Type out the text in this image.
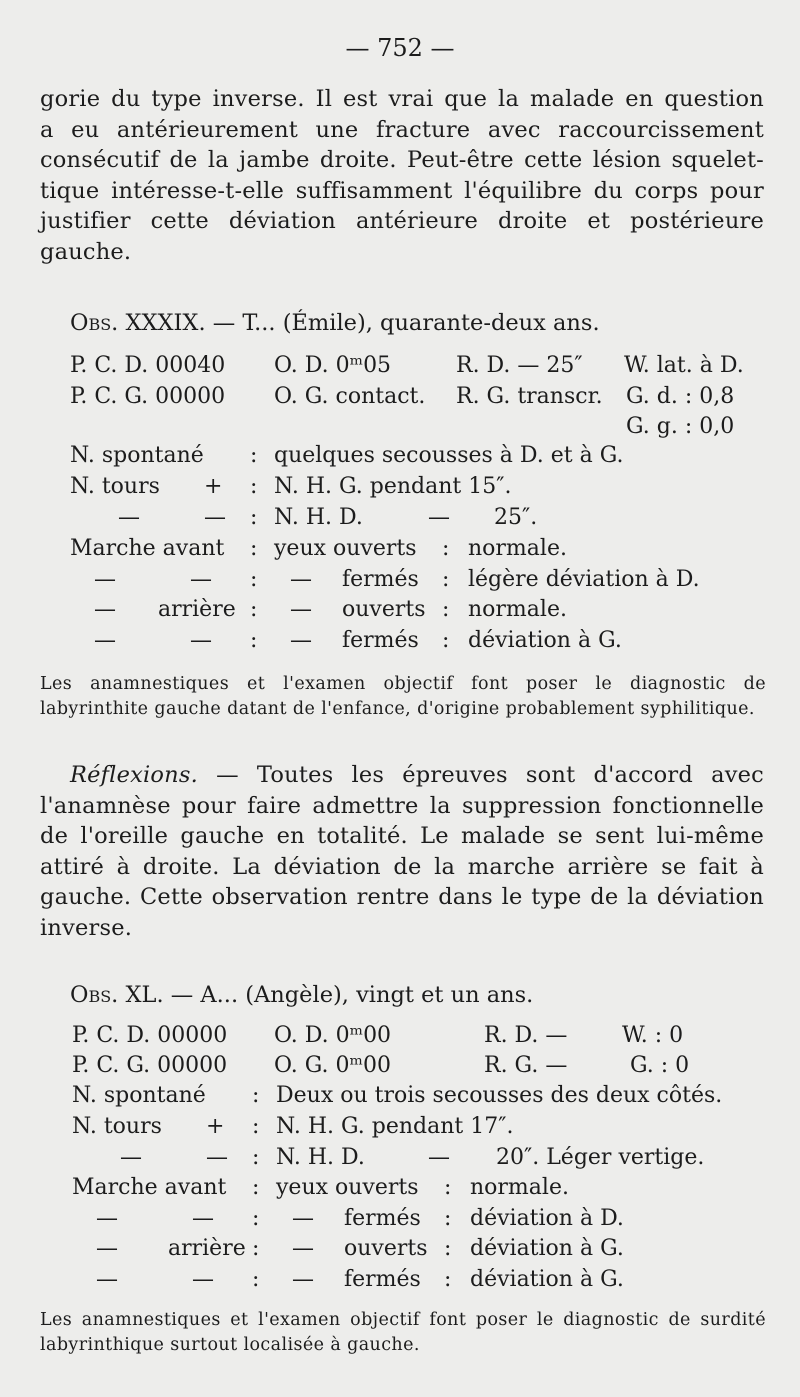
— 752 —
gorie du type inverse. Il est vrai que la malade en question
a eu antérieurement une fracture avec raccourcissement
consécutif de la jambe droite. Peut-être cette lésion squelet-
tique intéresse-t-elle suffisamment l'équilibre du corps pour
justifier cette déviation antérieure droite et postérieure
gauche.
Obs. XXXIX. — T... (Émile), quarante-deux ans.
P. C. D. 00040 O. D. 0ᵐ05	R. D. — 25″ W. lat. à D.
P. C. G. 00000 O. G. contact. R. G. transcr. G. d. : 0,8
G. g. : 0,0
N. spontané : quelques secousses à D. et à G.
N. tours + : N. H. G. pendant 15″.
—	— : N. H. D.	— 25″.
Marche avant : yeux ouverts : normale.
—	— : — fermés : légère déviation à D.
— arrière : — ouverts : normale.
—	— : — fermés : déviation à G.
Les anamnestiques et l'examen objectif font poser le diagnostic de labyrinthite gauche datant de l'enfance, d'origine probablement syphilitique.
Réflexions. — Toutes les épreuves sont d'accord avec
l'anamnèse pour faire admettre la suppression fonctionnelle
de l'oreille gauche en totalité. Le malade se sent lui-même
attiré à droite. La déviation de la marche arrière se fait à
gauche. Cette observation rentre dans le type de la déviation
inverse.
Obs. XL. — A... (Angèle), vingt et un ans.
P. C. D. 00000 O. D. 0ᵐ00	R. D. — W. : 0
P. C. G. 00000 O. G. 0ᵐ00	R. G. —	G. : 0
N. spontané : Deux ou trois secousses des deux côtés.
N. tours + : N. H. G. pendant 17″.
—	— : N. H. D.	— 20″. Léger vertige.
Marche avant : yeux ouverts : normale.
—	— : — fermés : déviation à D.
— arrière : — ouverts : déviation à G.
—	— : — fermés : déviation à G.
Les anamnestiques et l'examen objectif font poser le diagnostic de surdité labyrinthique surtout localisée à gauche.
